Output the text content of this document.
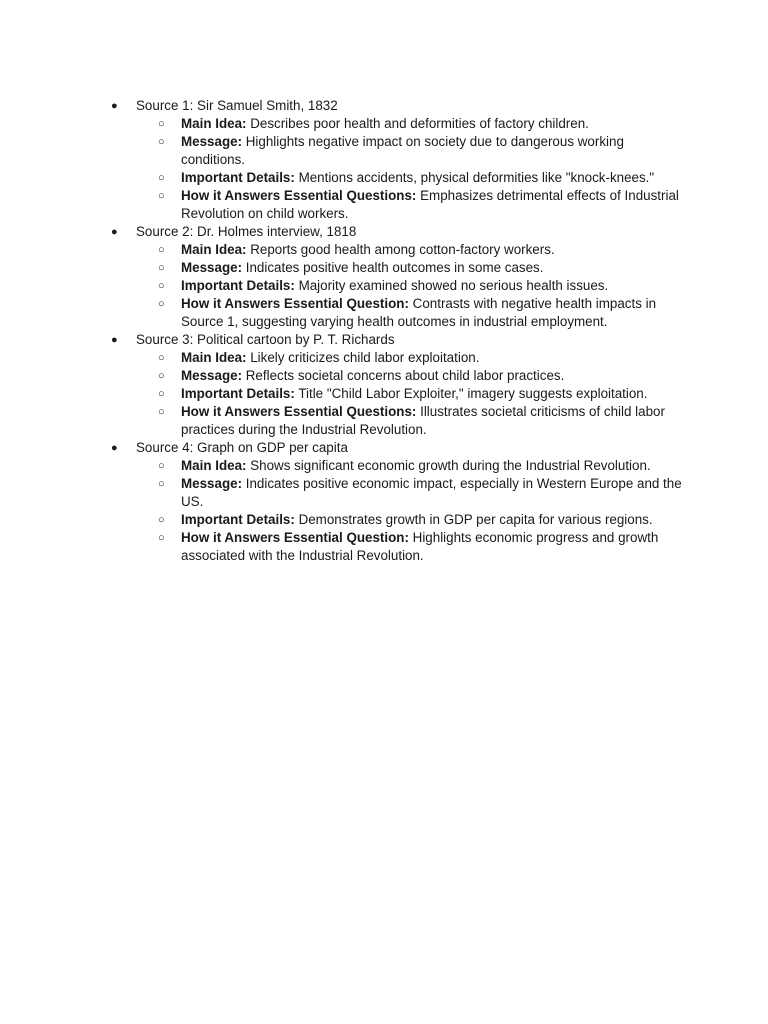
●	Source 1: Sir Samuel Smith, 1832
○ Main Idea: Describes poor health and deformities of factory children.
○ Message: Highlights negative impact on society due to dangerous working conditions.
○ Important Details: Mentions accidents, physical deformities like "knock-knees."
○ How it Answers Essential Questions: Emphasizes detrimental effects of Industrial Revolution on child workers.
●	Source 2: Dr. Holmes interview, 1818
○ Main Idea: Reports good health among cotton-factory workers.
○ Message: Indicates positive health outcomes in some cases.
○ Important Details: Majority examined showed no serious health issues.
○ How it Answers Essential Question: Contrasts with negative health impacts in Source 1, suggesting varying health outcomes in industrial employment.
●	Source 3: Political cartoon by P. T. Richards
○ Main Idea: Likely criticizes child labor exploitation.
○ Message: Reflects societal concerns about child labor practices.
○ Important Details: Title "Child Labor Exploiter," imagery suggests exploitation.
○ How it Answers Essential Questions: Illustrates societal criticisms of child labor practices during the Industrial Revolution.
●	Source 4: Graph on GDP per capita
○ Main Idea: Shows significant economic growth during the Industrial Revolution.
○ Message: Indicates positive economic impact, especially in Western Europe and the US.
○ Important Details: Demonstrates growth in GDP per capita for various regions.
○ How it Answers Essential Question: Highlights economic progress and growth associated with the Industrial Revolution.
